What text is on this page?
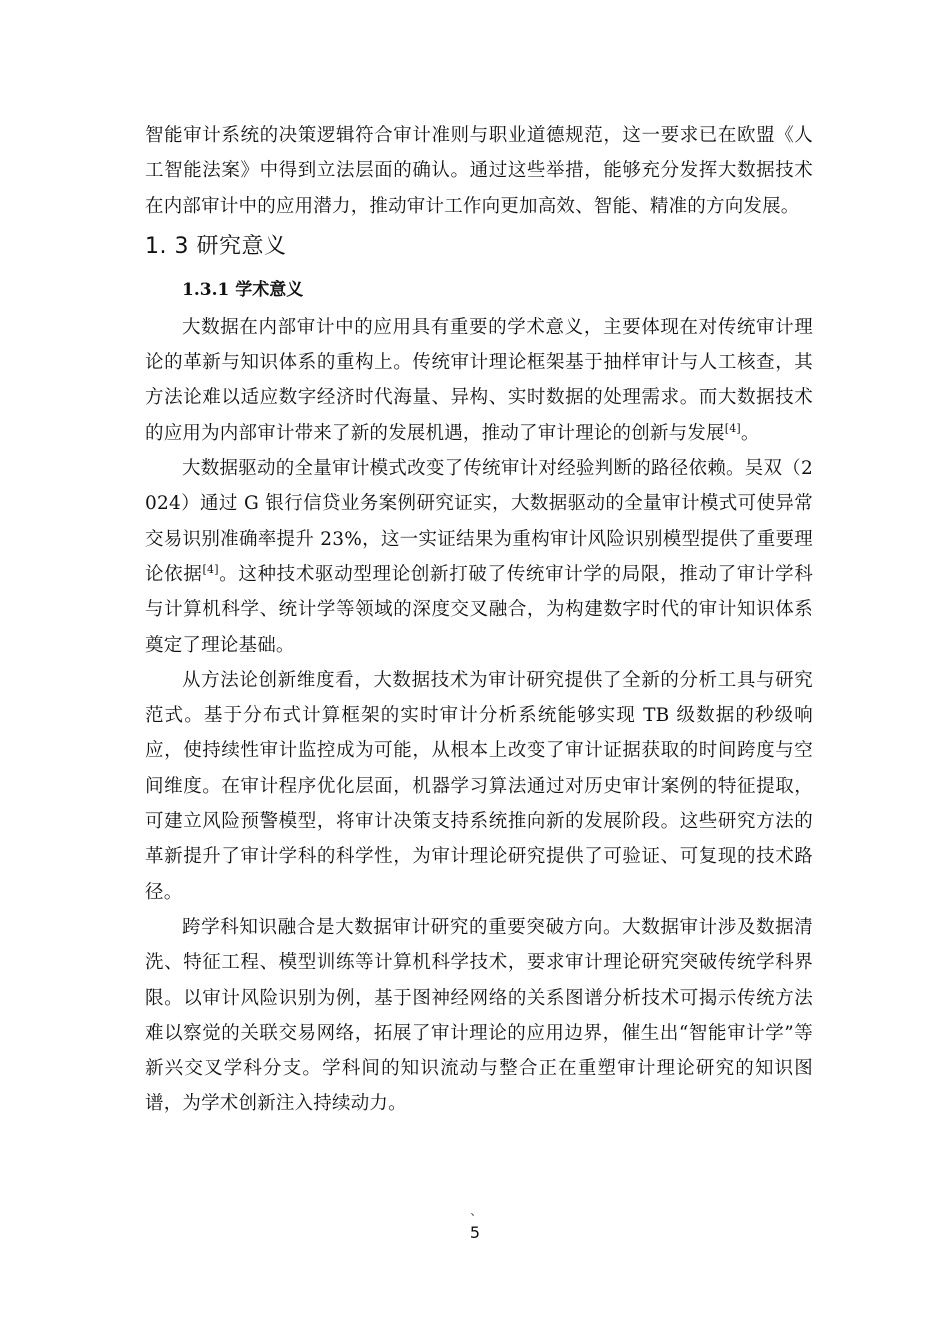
智能审计系统的决策逻辑符合审计准则与职业道德规范，这一要求已在欧盟《人工智能法案》中得到立法层面的确认。通过这些举措，能够充分发挥大数据技术在内部审计中的应用潜力，推动审计工作向更加高效、智能、精准的方向发展。

1. 3 研究意义
1.3.1 学术意义

大数据在内部审计中的应用具有重要的学术意义，主要体现在对传统审计理论的革新与知识体系的重构上。传统审计理论框架基于抽样审计与人工核查，其方法论难以适应数字经济时代海量、异构、实时数据的处理需求。而大数据技术的应用为内部审计带来了新的发展机遇，推动了审计理论的创新与发展[4]。

大数据驱动的全量审计模式改变了传统审计对经验判断的路径依赖。吴双（2024）通过 G 银行信贷业务案例研究证实，大数据驱动的全量审计模式可使异常交易识别准确率提升 23%，这一实证结果为重构审计风险识别模型提供了重要理论依据[4]。这种技术驱动型理论创新打破了传统审计学的局限，推动了审计学科与计算机科学、统计学等领域的深度交叉融合，为构建数字时代的审计知识体系奠定了理论基础。

从方法论创新维度看，大数据技术为审计研究提供了全新的分析工具与研究范式。基于分布式计算框架的实时审计分析系统能够实现 TB 级数据的秒级响应，使持续性审计监控成为可能，从根本上改变了审计证据获取的时间跨度与空间维度。在审计程序优化层面，机器学习算法通过对历史审计案例的特征提取，可建立风险预警模型，将审计决策支持系统推向新的发展阶段。这些研究方法的革新提升了审计学科的科学性，为审计理论研究提供了可验证、可复现的技术路径。

跨学科知识融合是大数据审计研究的重要突破方向。大数据审计涉及数据清洗、特征工程、模型训练等计算机科学技术，要求审计理论研究突破传统学科界限。以审计风险识别为例，基于图神经网络的关系图谱分析技术可揭示传统方法难以察觉的关联交易网络，拓展了审计理论的应用边界，催生出“智能审计学”等新兴交叉学科分支。学科间的知识流动与整合正在重塑审计理论研究的知识图谱，为学术创新注入持续动力。

、
5
